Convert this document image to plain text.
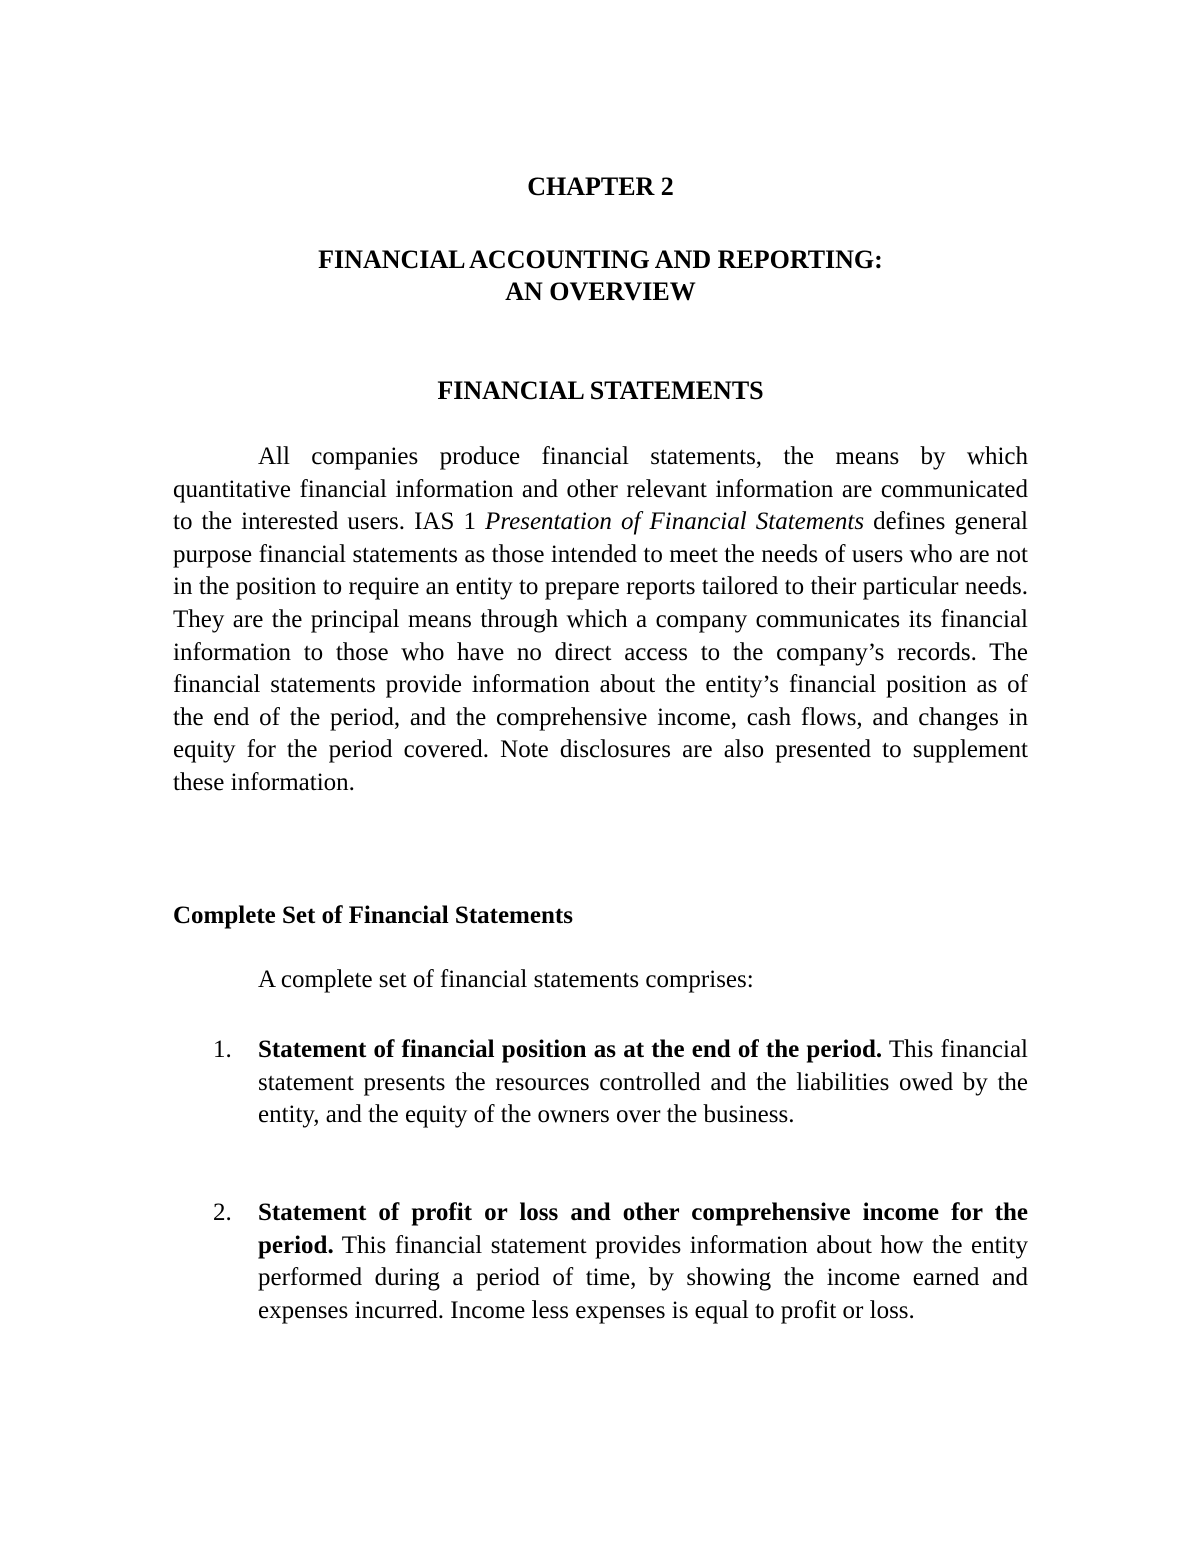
CHAPTER 2
FINANCIAL ACCOUNTING AND REPORTING:
AN OVERVIEW
FINANCIAL STATEMENTS

All companies produce financial statements, the means by which quantitative financial information and other relevant information are communicated to the interested users. IAS 1 Presentation of Financial Statements defines general purpose financial statements as those intended to meet the needs of users who are not in the position to require an entity to prepare reports tailored to their particular needs. They are the principal means through which a company communicates its financial information to those who have no direct access to the company’s records. The financial statements provide information about the entity’s financial position as of the end of the period, and the comprehensive income, cash flows, and changes in equity for the period covered. Note disclosures are also presented to supplement these information.

Complete Set of Financial Statements

A complete set of financial statements comprises:

1. Statement of financial position as at the end of the period. This financial statement presents the resources controlled and the liabilities owed by the entity, and the equity of the owners over the business.
2. Statement of profit or loss and other comprehensive income for the period. This financial statement provides information about how the entity performed during a period of time, by showing the income earned and expenses incurred. Income less expenses is equal to profit or loss.
